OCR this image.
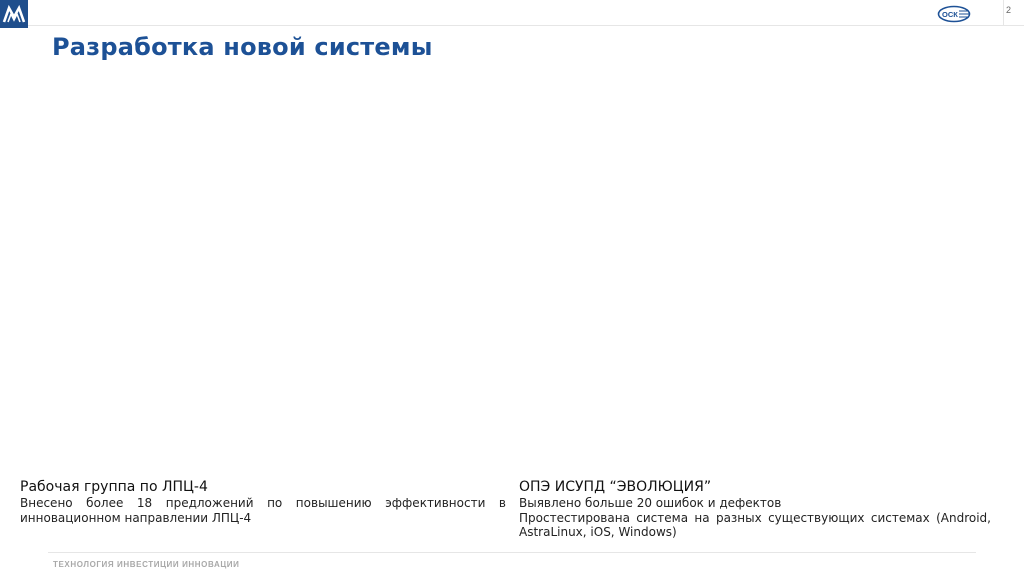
ОСК	2
Разработка новой системы

Рабочая группа по ЛПЦ-4

Внесено более 18 предложений по повышению эффективности в инновационном направлении ЛПЦ-4

ОПЭ ИСУПД “ЭВОЛЮЦИЯ”

Выявлено больше 20 ошибок и дефектов
Простестирована система на разных существующих системах (Android, AstraLinux, iOS, Windows)

ТЕХНОЛОГИЯ ИНВЕСТИЦИИ ИННОВАЦИИ
